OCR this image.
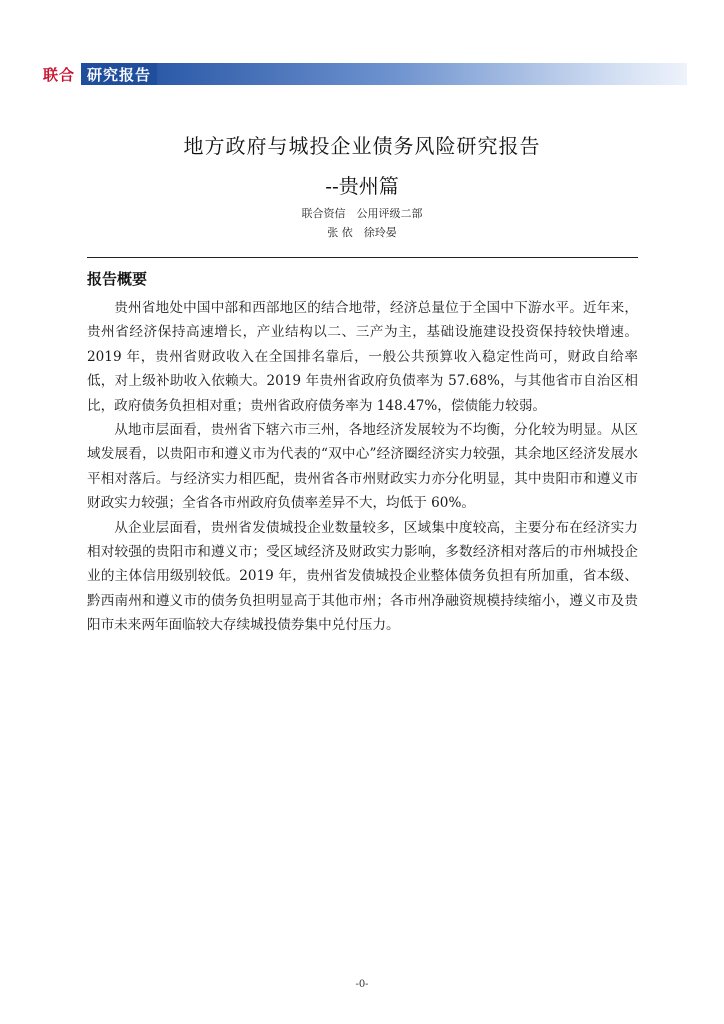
联合 研究报告
地方政府与城投企业债务风险研究报告
--贵州篇
联合资信　公用评级二部
张 依　徐玲晏
报告概要

贵州省地处中国中部和西部地区的结合地带，经济总量位于全国中下游水平。近年来，贵州省经济保持高速增长，产业结构以二、三产为主，基础设施建设投资保持较快增速。2019 年，贵州省财政收入在全国排名靠后，一般公共预算收入稳定性尚可，财政自给率低，对上级补助收入依赖大。2019 年贵州省政府负债率为 57.68%，与其他省市自治区相比，政府债务负担相对重；贵州省政府债务率为 148.47%，偿债能力较弱。

从地市层面看，贵州省下辖六市三州，各地经济发展较为不均衡，分化较为明显。从区域发展看，以贵阳市和遵义市为代表的“双中心”经济圈经济实力较强，其余地区经济发展水平相对落后。与经济实力相匹配，贵州省各市州财政实力亦分化明显，其中贵阳市和遵义市财政实力较强；全省各市州政府负债率差异不大，均低于 60%。

从企业层面看，贵州省发债城投企业数量较多，区域集中度较高，主要分布在经济实力相对较强的贵阳市和遵义市；受区域经济及财政实力影响，多数经济相对落后的市州城投企业的主体信用级别较低。2019 年，贵州省发债城投企业整体债务负担有所加重，省本级、黔西南州和遵义市的债务负担明显高于其他市州；各市州净融资规模持续缩小，遵义市及贵阳市未来两年面临较大存续城投债券集中兑付压力。

-0-
